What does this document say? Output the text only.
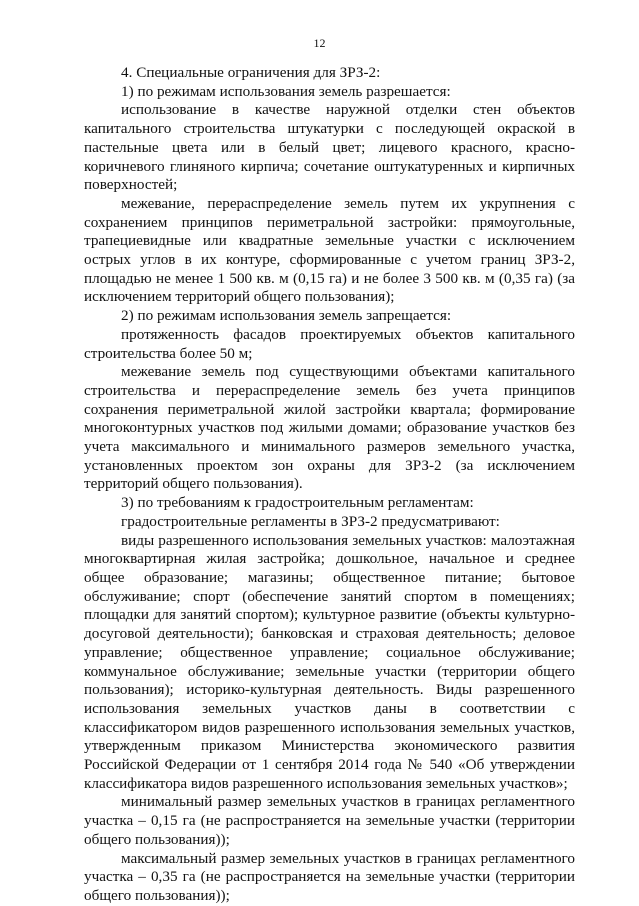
12

4. Специальные ограничения для ЗРЗ-2:

1) по режимам использования земель разрешается:

использование в качестве наружной отделки стен объектов капитального строительства штукатурки с последующей окраской в пастельные цвета или в белый цвет; лицевого красного, красно-коричневого глиняного кирпича; сочетание оштукатуренных и кирпичных поверхностей;

межевание, перераспределение земель путем их укрупнения с сохранением принципов периметральной застройки: прямоугольные, трапециевидные или квадратные земельные участки с исключением острых углов в их контуре, сформированные с учетом границ ЗРЗ-2, площадью не менее 1 500 кв. м (0,15 га) и не более 3 500 кв. м (0,35 га) (за исключением территорий общего пользования);

2) по режимам использования земель запрещается:

протяженность фасадов проектируемых объектов капитального строительства более 50 м;

межевание земель под существующими объектами капитального строительства и перераспределение земель без учета принципов сохранения периметральной жилой застройки квартала; формирование многоконтурных участков под жилыми домами; образование участков без учета максимального и минимального размеров земельного участка, установленных проектом зон охраны для ЗРЗ-2 (за исключением территорий общего пользования).

3) по требованиям к градостроительным регламентам:

градостроительные регламенты в ЗРЗ-2 предусматривают:

виды разрешенного использования земельных участков: малоэтажная многоквартирная жилая застройка; дошкольное, начальное и среднее общее образование; магазины; общественное питание; бытовое обслуживание; спорт (обеспечение занятий спортом в помещениях; площадки для занятий спортом); культурное развитие (объекты культурно-досуговой деятельности); банковская и страховая деятельность; деловое управление; общественное управление; социальное обслуживание; коммунальное обслуживание; земельные участки (территории общего пользования); историко-культурная деятельность. Виды разрешенного использования земельных участков даны в соответствии с классификатором видов разрешенного использования земельных участков, утвержденным приказом Министерства экономического развития Российской Федерации от 1 сентября 2014 года № 540 «Об утверждении классификатора видов разрешенного использования земельных участков»;

минимальный размер земельных участков в границах регламентного участка – 0,15 га (не распространяется на земельные участки (территории общего пользования));

максимальный размер земельных участков в границах регламентного участка – 0,35 га (не распространяется на земельные участки (территории общего пользования));
